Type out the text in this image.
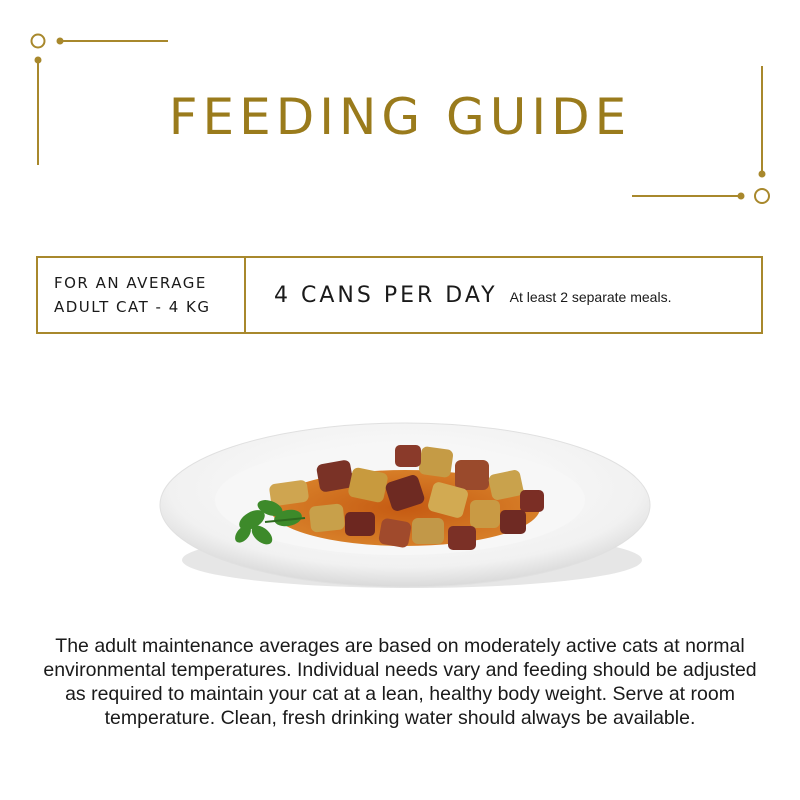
FEEDING GUIDE
FOR AN AVERAGE
ADULT CAT - 4 KG	4 CANS PER DAY At least 2 separate meals.
The adult maintenance averages are based on moderately active cats at normal environmental temperatures. Individual needs vary and feeding should be adjusted as required to maintain your cat at a lean, healthy body weight. Serve at room temperature. Clean, fresh drinking water should always be available.
